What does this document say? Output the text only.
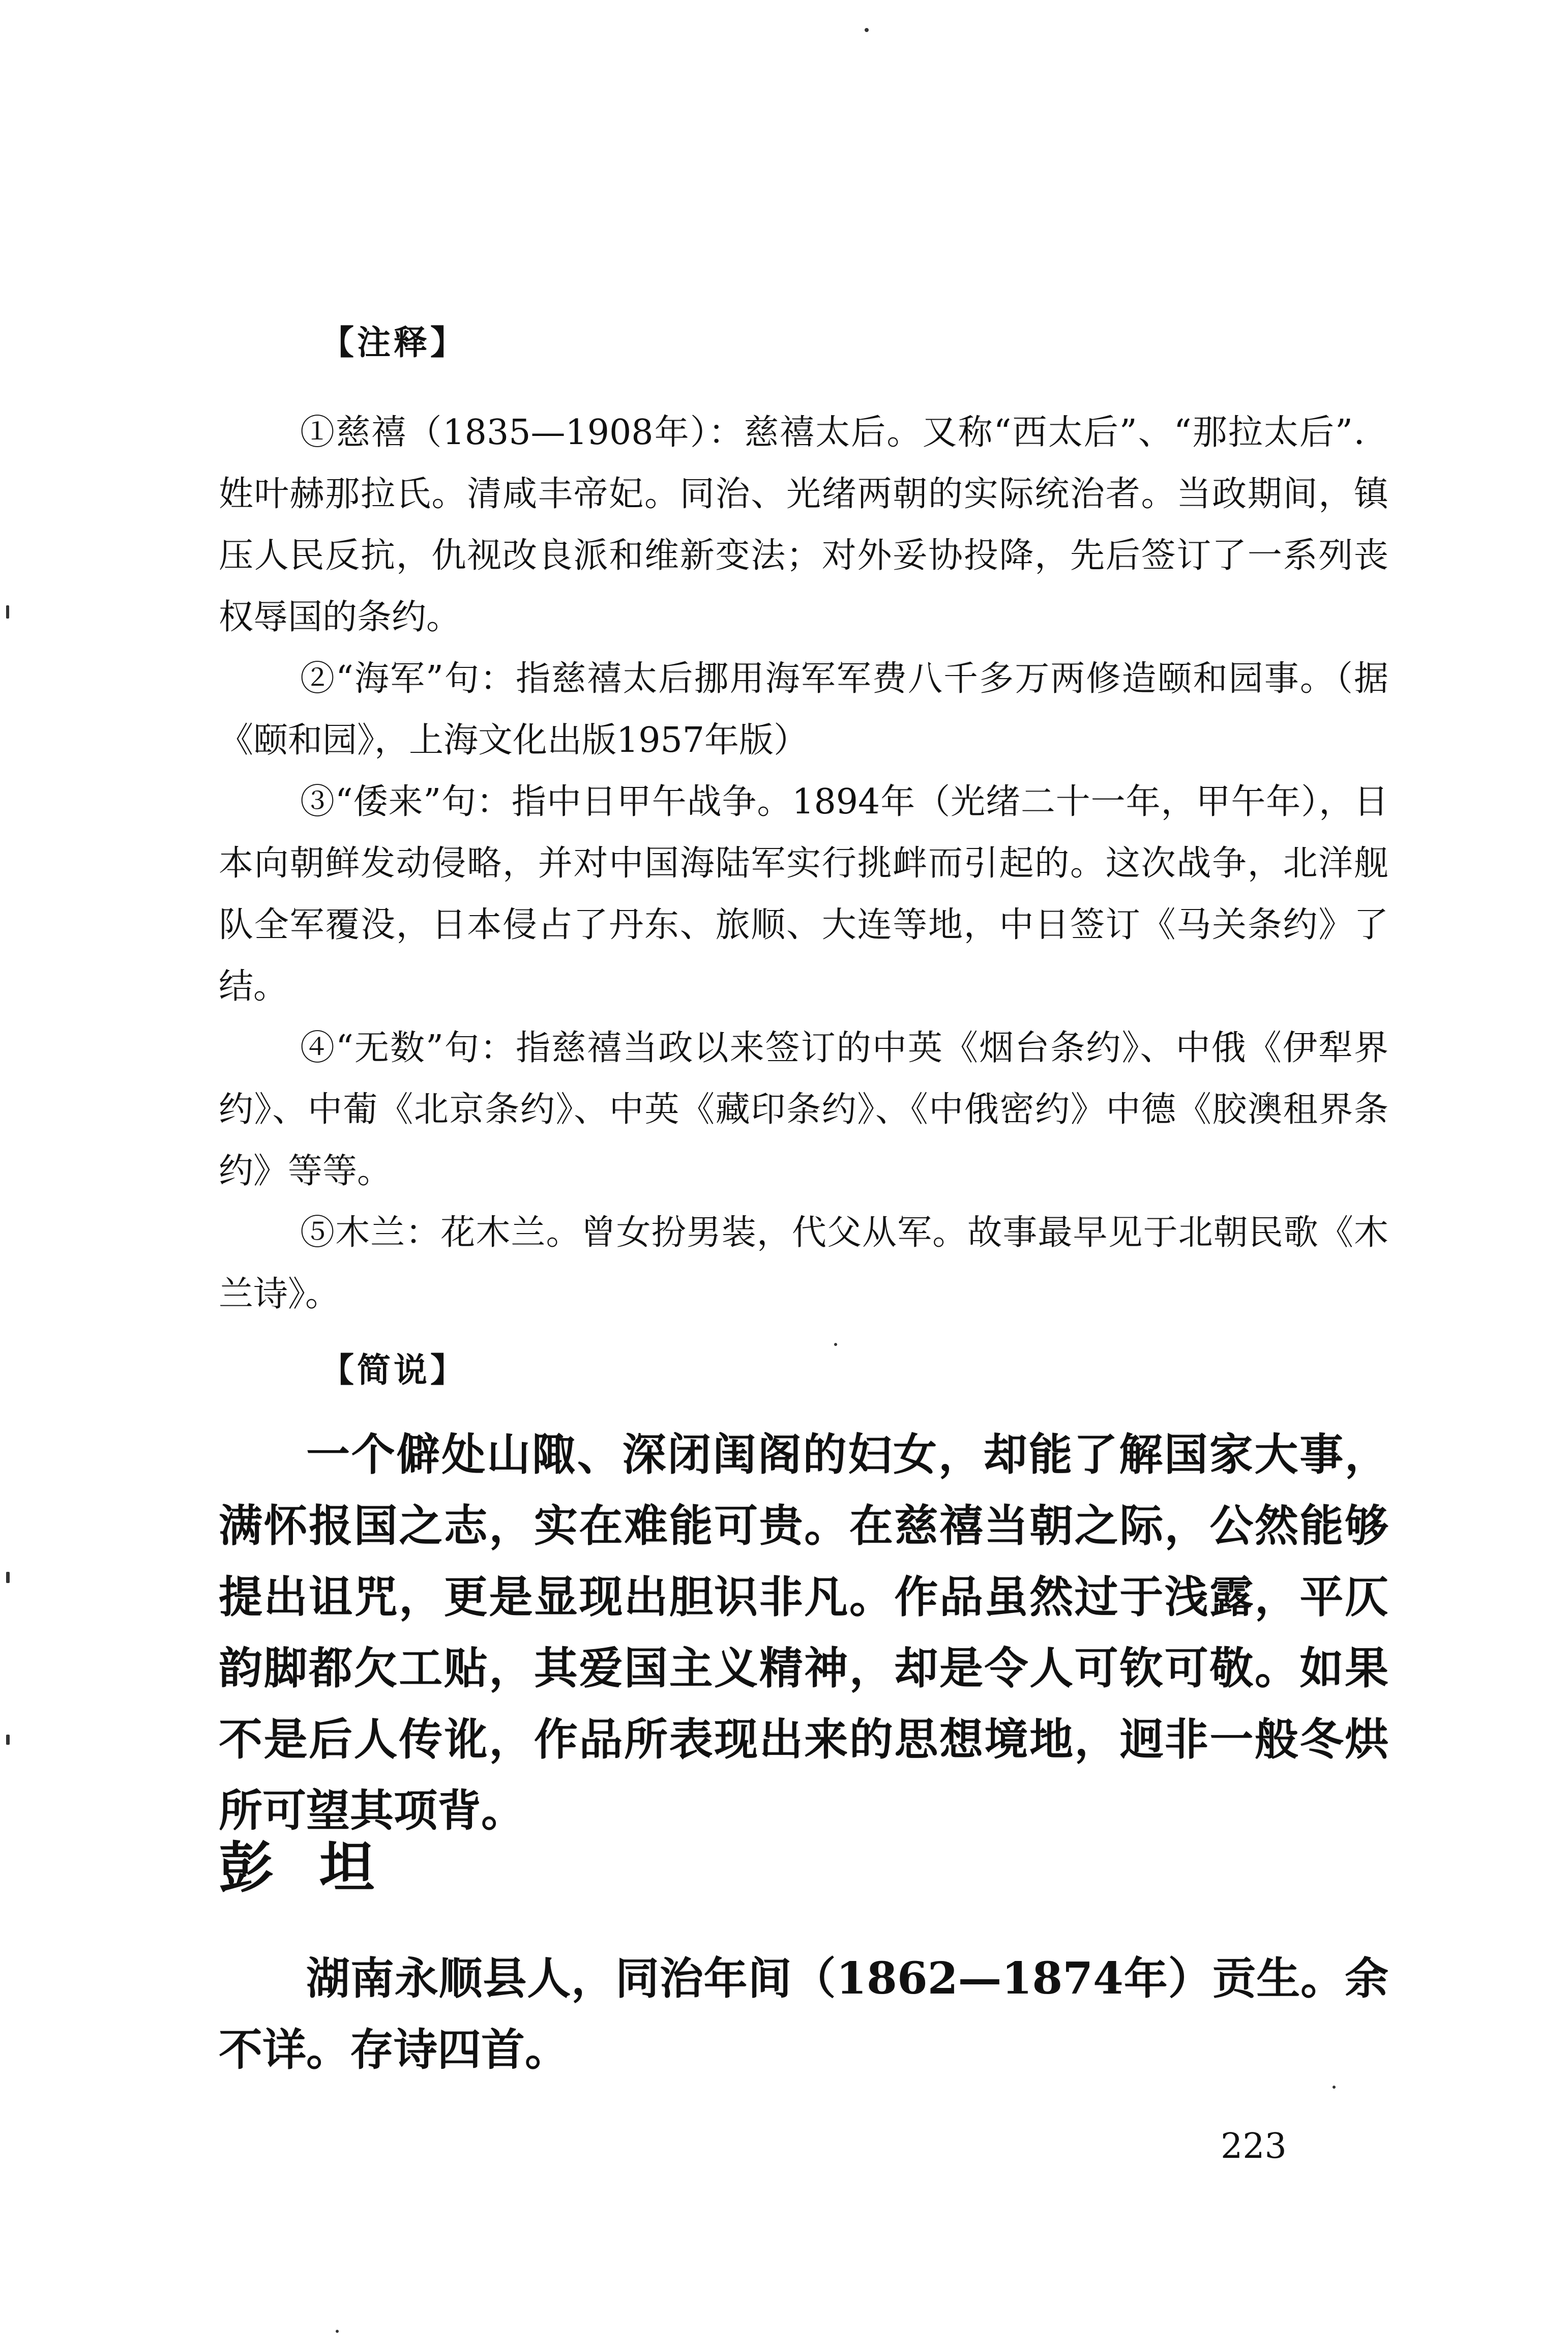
【注释】

①慈禧（1835—1908年）：慈禧太后。又称“西太后”、“那拉太后”．姓叶赫那拉氏。清咸丰帝妃。同治、光绪两朝的实际统治者。当政期间，镇压人民反抗，仇视改良派和维新变法；对外妥协投降，先后签订了一系列丧权辱国的条约。

②“海军”句：指慈禧太后挪用海军军费八千多万两修造颐和园事。（据《颐和园》，上海文化出版1957年版）

③“倭来”句：指中日甲午战争。1894年（光绪二十一年，甲午年），日本向朝鲜发动侵略，并对中国海陆军实行挑衅而引起的。这次战争，北洋舰队全军覆没，日本侵占了丹东、旅顺、大连等地，中日签订《马关条约》了结。

④“无数”句：指慈禧当政以来签订的中英《烟台条约》、中俄《伊犁界约》、中葡《北京条约》、中英《藏印条约》、《中俄密约》中德《胶澳租界条约》等等。

⑤木兰：花木兰。曾女扮男装，代父从军。故事最早见于北朝民歌《木兰诗》。

【简说】

一个僻处山陬、深闭闺阁的妇女，却能了解国家大事，满怀报国之志，实在难能可贵。在慈禧当朝之际，公然能够提出诅咒，更是显现出胆识非凡。作品虽然过于浅露，平仄韵脚都欠工贴，其爱国主义精神，却是令人可钦可敬。如果不是后人传讹，作品所表现出来的思想境地，迥非一般冬烘所可望其项背。

彭坦

湖南永顺县人，同治年间（1862—1874年）贡生。余不详。存诗四首。

223
